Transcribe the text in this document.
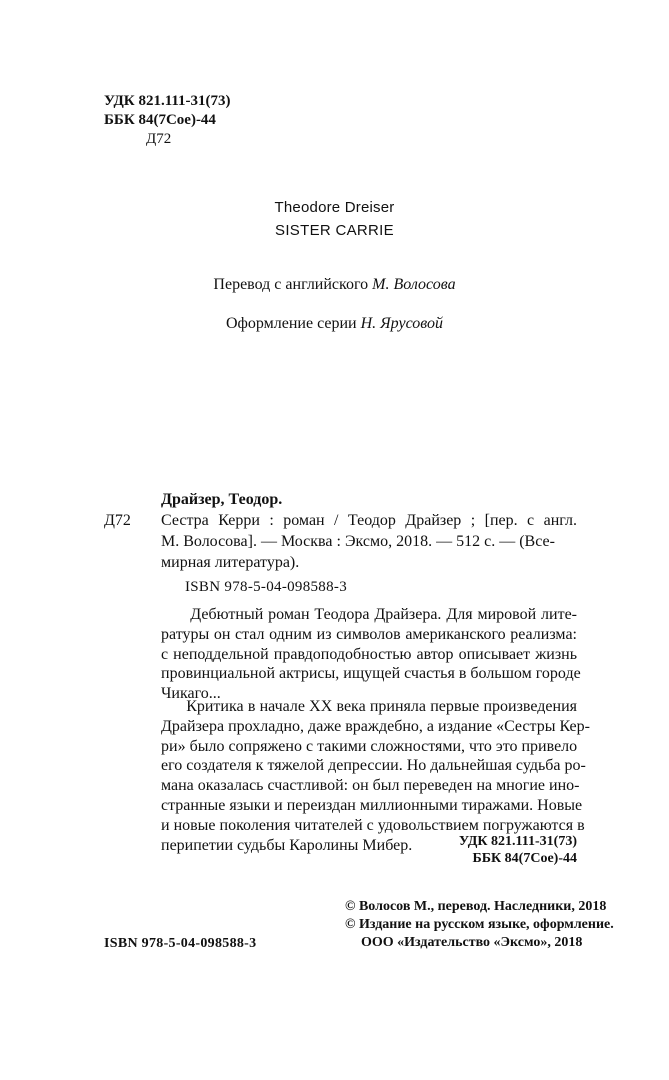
УДК 821.111-31(73)
ББК 84(7Сое)-44
Д72
Theodore Dreiser
SISTER CARRIE
Перевод с английского М. Волосова
Оформление серии Н. Ярусовой
Драйзер, Теодор.
Д72 Сестра Керри : роман / Теодор Драйзер ; [пер. с англ.
М. Волосова]. — Москва : Эксмо, 2018. — 512 с. — (Все-
мирная литература).
ISBN 978-5-04-098588-3
Дебютный роман Теодора Драйзера. Для мировой лите-
ратуры он стал одним из символов американского реализма:
с неподдельной правдоподобностью автор описывает жизнь
провинциальной актрисы, ищущей счастья в большом городе
Чикаго...
Критика в начале XX века приняла первые произведения
Драйзера прохладно, даже враждебно, а издание «Сестры Кер-
ри» было сопряжено с такими сложностями, что это привело
его создателя к тяжелой депрессии. Но дальнейшая судьба ро-
мана оказалась счастливой: он был переведен на многие ино-
странные языки и переиздан миллионными тиражами. Новые
и новые поколения читателей с удовольствием погружаются в
перипетии судьбы Каролины Мибер.	УДК 821.111-31(73)
ББК 84(7Сое)-44
ISBN 978-5-04-098588-3
© Волосов М., перевод. Наследники, 2018
© Издание на русском языке, оформление.
ООО «Издательство «Эксмо», 2018
